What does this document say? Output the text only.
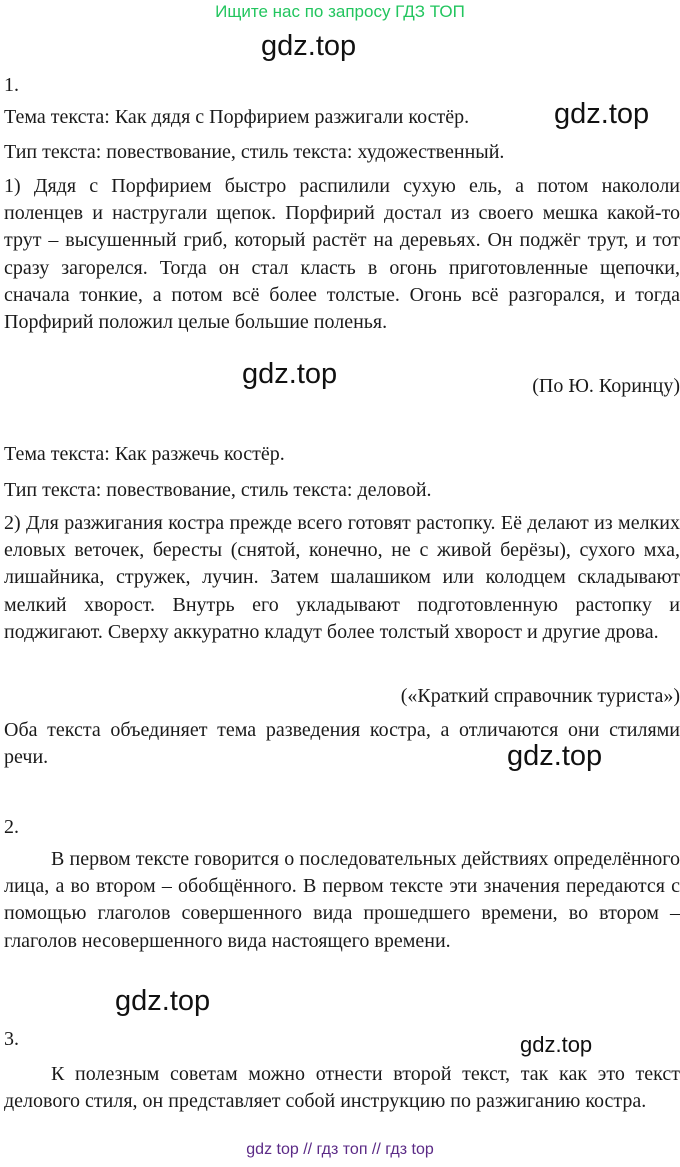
Ищите нас по запросу ГДЗ ТОП
gdz.top
gdz.top
gdz.top
gdz.top
gdz.top
gdz.top
1.
Тема текста: Как дядя с Порфирием разжигали костёр.
Тип текста: повествование, стиль текста: художественный.
1) Дядя с Порфирием быстро распилили сухую ель, а потом накололи поленцев и настругали щепок. Порфирий достал из своего мешка какой-то трут – высушенный гриб, который растёт на деревьях. Он поджёг трут, и тот сразу загорелся. Тогда он стал класть в огонь приготовленные щепочки, сначала тонкие, а потом всё более толстые. Огонь всё разгорался, и тогда Порфирий положил целые большие поленья.
(По Ю. Коринцу)
Тема текста: Как разжечь костёр.
Тип текста: повествование, стиль текста: деловой.
2) Для разжигания костра прежде всего готовят растопку. Её делают из мелких еловых веточек, бересты (снятой, конечно, не с живой берёзы), сухого мха, лишайника, стружек, лучин. Затем шалашиком или колодцем складывают мелкий хворост. Внутрь его укладывают подготовленную растопку и поджигают. Сверху аккуратно кладут более толстый хворост и другие дрова.
(«Краткий справочник туриста»)
Оба текста объединяет тема разведения костра, а отличаются они стилями речи.
2.
В первом тексте говорится о последовательных действиях определённого лица, а во втором – обобщённого. В первом тексте эти значения передаются с помощью глаголов совершенного вида прошедшего времени, во втором – глаголов несовершенного вида настоящего времени.
3.
К полезным советам можно отнести второй текст, так как это текст делового стиля, он представляет собой инструкцию по разжиганию костра.
gdz top // гдз топ // гдз top
